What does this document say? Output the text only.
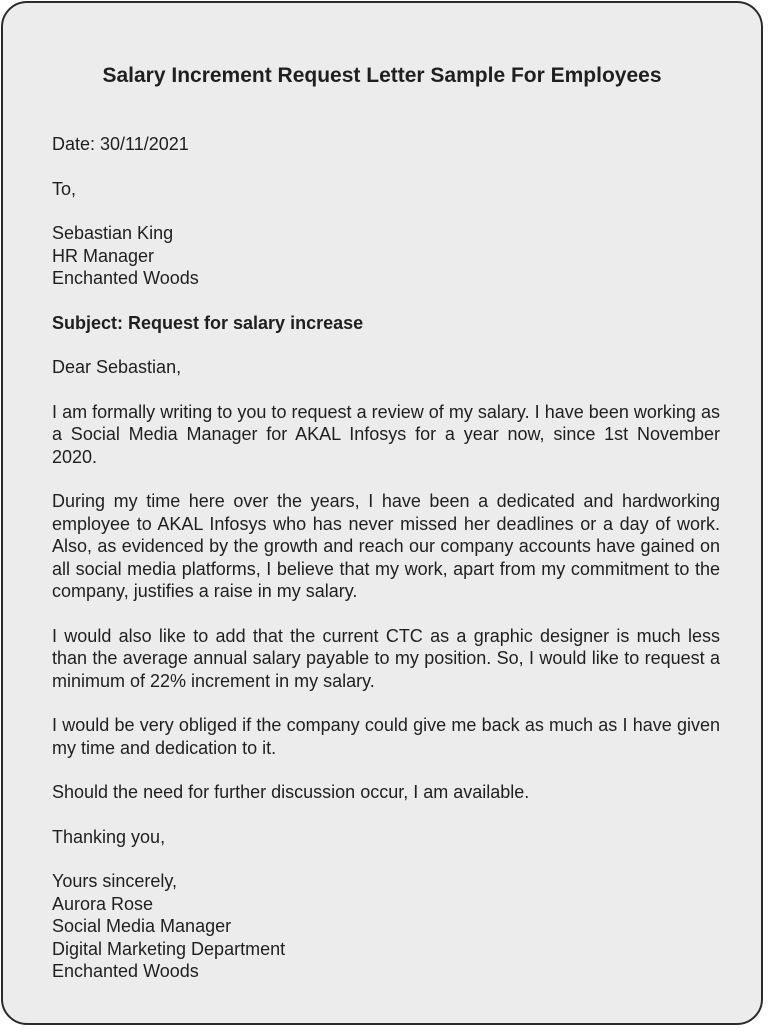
Salary Increment Request Letter Sample For Employees
Date: 30/11/2021
To,
Sebastian King
HR Manager
Enchanted Woods
Subject: Request for salary increase
Dear Sebastian,

I am formally writing to you to request a review of my salary. I have been working as a Social Media Manager for AKAL Infosys for a year now, since 1st November 2020.

During my time here over the years, I have been a dedicated and hardworking employee to AKAL Infosys who has never missed her deadlines or a day of work. Also, as evidenced by the growth and reach our company accounts have gained on all social media platforms, I believe that my work, apart from my commitment to the company, justifies a raise in my salary.

I would also like to add that the current CTC as a graphic designer is much less than the average annual salary payable to my position. So, I would like to request a minimum of 22% increment in my salary.

I would be very obliged if the company could give me back as much as I have given my time and dedication to it.

Should the need for further discussion occur, I am available.

Thanking you,
Yours sincerely,
Aurora Rose
Social Media Manager
Digital Marketing Department
Enchanted Woods
